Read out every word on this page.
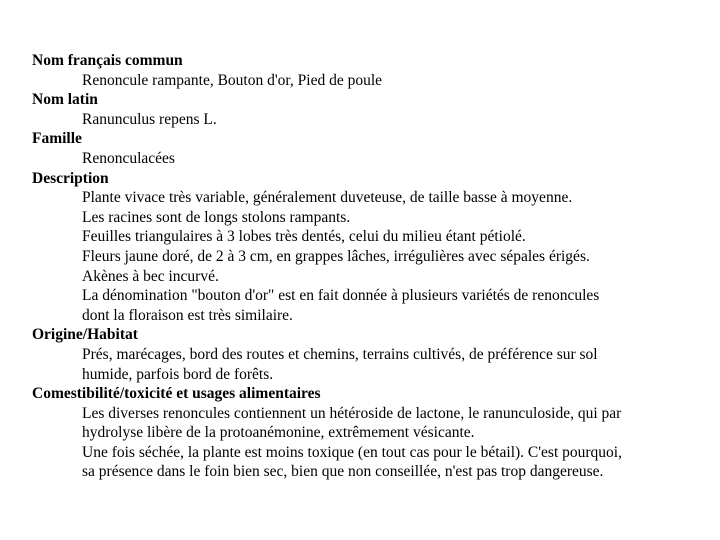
Nom français commun
Renoncule rampante, Bouton d'or, Pied de poule
Nom latin
Ranunculus repens L.
Famille
Renonculacées
Description
Plante vivace très variable, généralement duveteuse, de taille basse à moyenne.
Les racines sont de longs stolons rampants.
Feuilles triangulaires à 3 lobes très dentés, celui du milieu étant pétiolé.
Fleurs jaune doré, de 2 à 3 cm, en grappes lâches, irrégulières avec sépales érigés.
Akènes à bec incurvé.
La dénomination "bouton d'or" est en fait donnée à plusieurs variétés de renoncules
dont la floraison est très similaire.
Origine/Habitat
Prés, marécages, bord des routes et chemins, terrains cultivés, de préférence sur sol
humide, parfois bord de forêts.
Comestibilité/toxicité et usages alimentaires
Les diverses renoncules contiennent un hétéroside de lactone, le ranunculoside, qui par
hydrolyse libère de la protoanémonine, extrêmement vésicante.
Une fois séchée, la plante est moins toxique (en tout cas pour le bétail). C'est pourquoi,
sa présence dans le foin bien sec, bien que non conseillée, n'est pas trop dangereuse.
